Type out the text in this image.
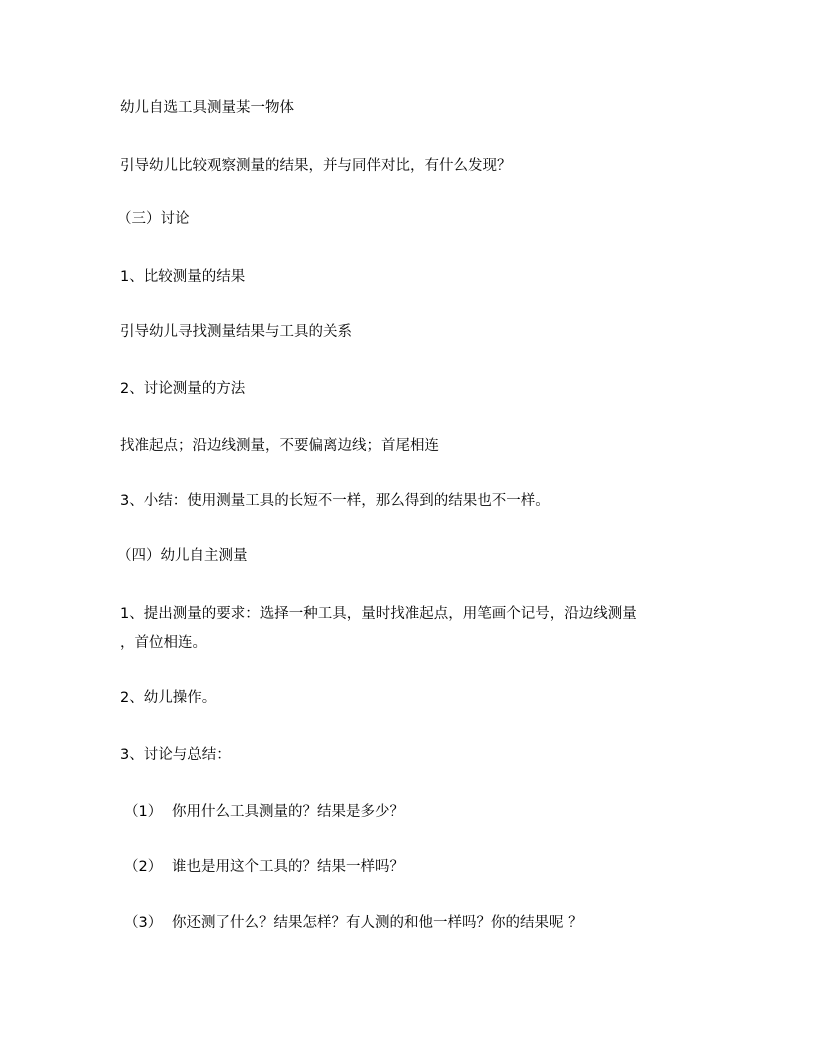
幼儿自选工具测量某一物体

引导幼儿比较观察测量的结果，并与同伴对比，有什么发现？

（三）讨论

1、比较测量的结果

引导幼儿寻找测量结果与工具的关系

2、讨论测量的方法

找准起点；沿边线测量，不要偏离边线；首尾相连

3、小结：使用测量工具的长短不一样，那么得到的结果也不一样。

（四）幼儿自主测量

1、提出测量的要求：选择一种工具，量时找准起点，用笔画个记号，沿边线测量

，首位相连。

2、幼儿操作。

3、讨论与总结：

（1） 你用什么工具测量的？结果是多少？
（2） 谁也是用这个工具的？结果一样吗？
（3） 你还测了什么？结果怎样？有人测的和他一样吗？你的结果呢 ？
